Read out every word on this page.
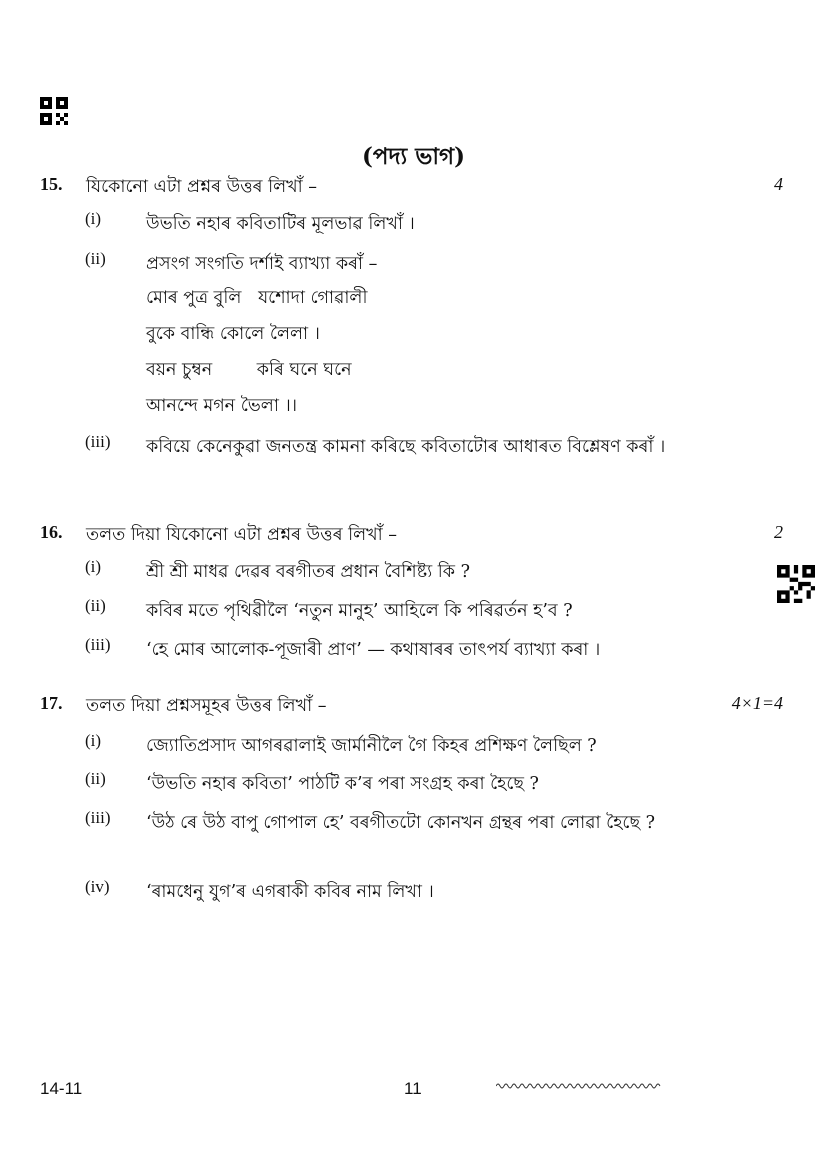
(পদ্য ভাগ)
15. যিকোনো এটা প্ৰশ্নৰ উত্তৰ লিখাঁ –	4
(i)	উভতি নহাৰ কবিতাটিৰ মূলভাৱ লিখাঁ ।
(ii) প্ৰসংগ সংগতি দৰ্শাই ব্যাখ্যা কৰাঁ –
মোৰ পুত্ৰ বুলি   যশোদা গোৱালী
বুকে বান্ধি কোলে লৈলা ।
বয়ন চুম্বন        কৰি ঘনে ঘনে
আনন্দে মগন ভৈলা ।।
(iii) কবিয়ে কেনেকুৱা জনতন্ত্ৰ কামনা কৰিছে কবিতাটোৰ আধাৰত বিশ্লেষণ কৰাঁ ।
16. তলত দিয়া যিকোনো এটা প্ৰশ্নৰ উত্তৰ লিখাঁ –	2
(i)	শ্ৰী শ্ৰী মাধৱ দেৱৰ বৰগীতৰ প্ৰধান বৈশিষ্ট্য কি ?
(ii) কবিৰ মতে পৃথিৱীলৈ ‘নতুন মানুহ’ আহিলে কি পৰিৱৰ্তন হ’ব ?
(iii) ‘হে মোৰ আলোক-পূজাৰী প্ৰাণ’ — কথাষাৰৰ তাৎপৰ্য ব্যাখ্যা কৰা ।
17. তলত দিয়া প্ৰশ্নসমূহৰ উত্তৰ লিখাঁ –	4×1=4
(i)	জ্যোতিপ্ৰসাদ আগৰৱালাই জাৰ্মানীলৈ গৈ কিহৰ প্ৰশিক্ষণ লৈছিল ?
(ii) ‘উভতি নহাৰ কবিতা’ পাঠটি ক’ৰ পৰা সংগ্ৰহ কৰা হৈছে ?
(iii) ‘উঠ ৰে উঠ বাপু গোপাল হে’ বৰগীতটো কোনখন গ্ৰন্থৰ পৰা লোৱা হৈছে ?
(iv) ‘ৰামধেনু যুগ’ৰ এগৰাকী কবিৰ নাম লিখা ।
14-11	11
